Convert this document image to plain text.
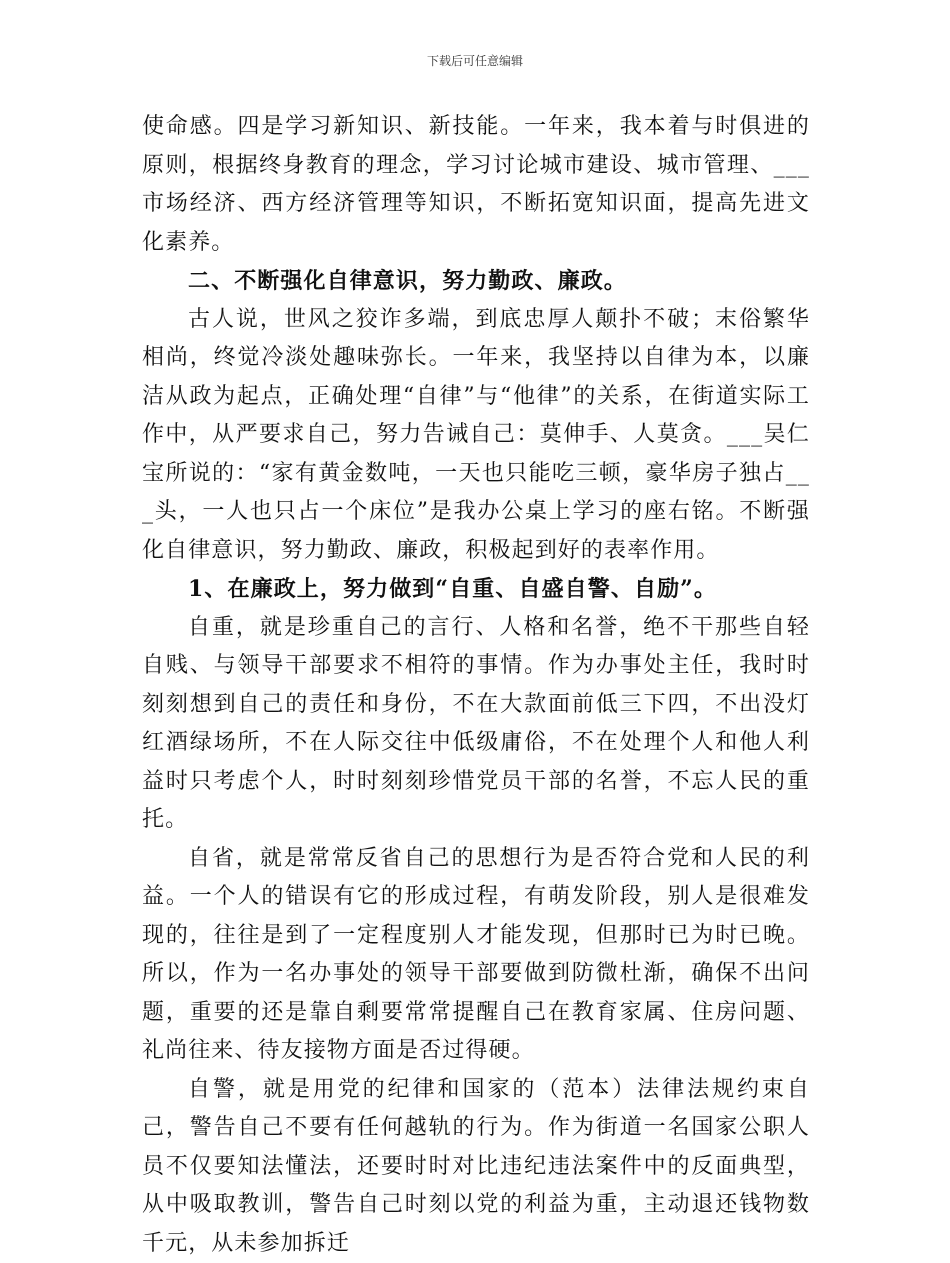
下载后可任意编辑

使命感。四是学习新知识、新技能。一年来，我本着与时俱进的原则，根据终身教育的理念，学习讨论城市建设、城市管理、___市场经济、西方经济管理等知识，不断拓宽知识面，提高先进文化素养。

二、不断强化自律意识，努力勤政、廉政。

古人说，世风之狡诈多端，到底忠厚人颠扑不破；末俗繁华相尚，终觉冷淡处趣味弥长。一年来，我坚持以自律为本，以廉洁从政为起点，正确处理“自律”与“他律”的关系，在街道实际工作中，从严要求自己，努力告诫自己：莫伸手、人莫贪。___吴仁宝所说的：“家有黄金数吨，一天也只能吃三顿，豪华房子独占___头，一人也只占一个床位”是我办公桌上学习的座右铭。不断强化自律意识，努力勤政、廉政，积极起到好的表率作用。

1、在廉政上，努力做到“自重、自盛自警、自励”。

自重，就是珍重自己的言行、人格和名誉，绝不干那些自轻自贱、与领导干部要求不相符的事情。作为办事处主任，我时时刻刻想到自己的责任和身份，不在大款面前低三下四，不出没灯红酒绿场所，不在人际交往中低级庸俗，不在处理个人和他人利益时只考虑个人，时时刻刻珍惜党员干部的名誉，不忘人民的重托。

自省，就是常常反省自己的思想行为是否符合党和人民的利益。一个人的错误有它的形成过程，有萌发阶段，别人是很难发现的，往往是到了一定程度别人才能发现，但那时已为时已晚。所以，作为一名办事处的领导干部要做到防微杜渐，确保不出问题，重要的还是靠自剩要常常提醒自己在教育家属、住房问题、礼尚往来、待友接物方面是否过得硬。

自警，就是用党的纪律和国家的（范本）法律法规约束自己，警告自己不要有任何越轨的行为。作为街道一名国家公职人员不仅要知法懂法，还要时时对比违纪违法案件中的反面典型，从中吸取教训，警告自己时刻以党的利益为重，主动退还钱物数千元，从未参加拆迁
